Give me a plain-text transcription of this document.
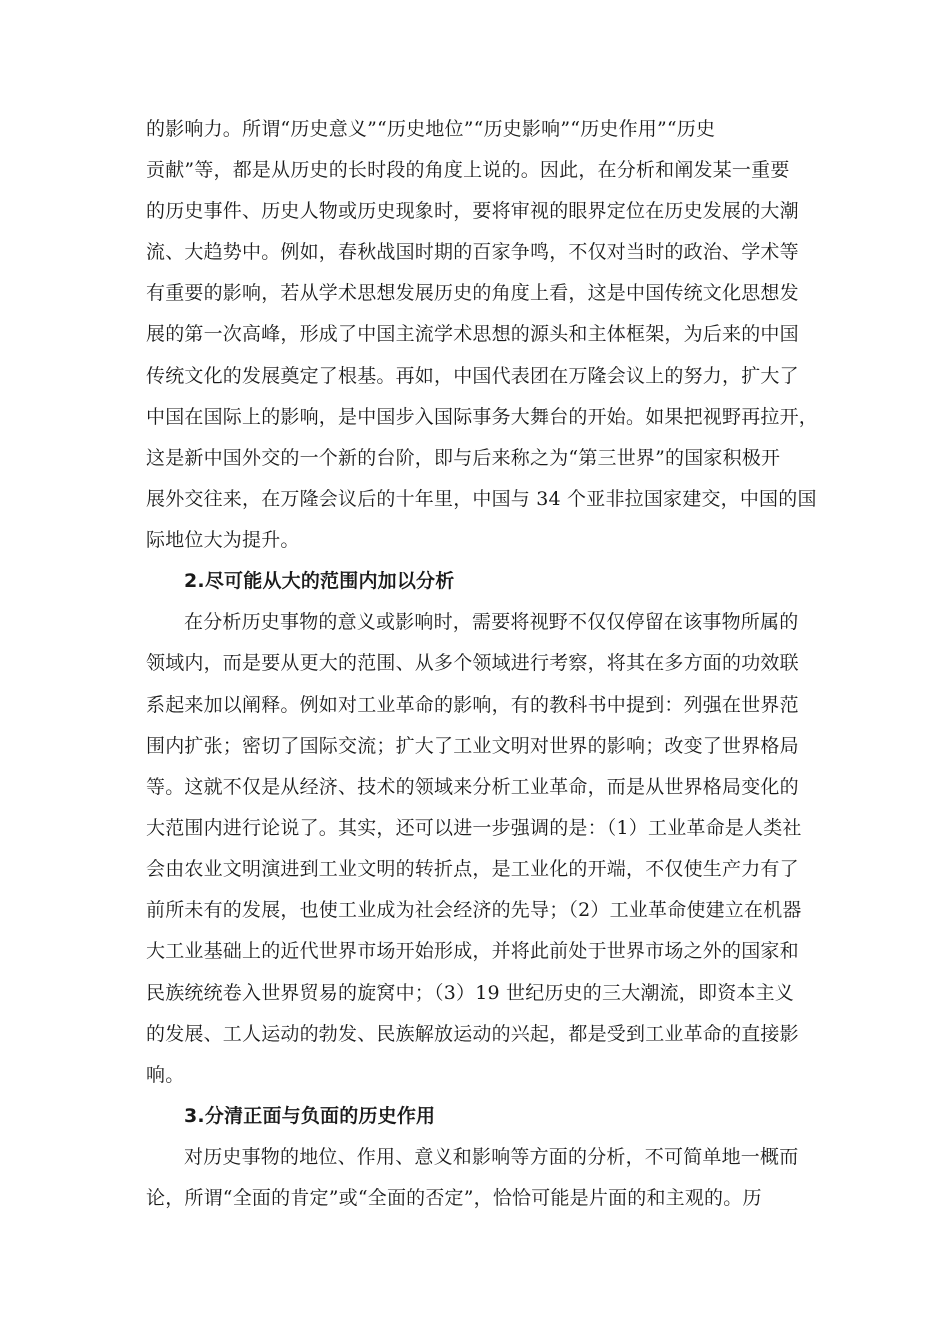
的影响力。所谓“历史意义”“历史地位”“历史影响”“历史作用”“历史
贡献”等，都是从历史的长时段的角度上说的。因此，在分析和阐发某一重要
的历史事件、历史人物或历史现象时，要将审视的眼界定位在历史发展的大潮
流、大趋势中。例如，春秋战国时期的百家争鸣，不仅对当时的政治、学术等
有重要的影响，若从学术思想发展历史的角度上看，这是中国传统文化思想发
展的第一次高峰，形成了中国主流学术思想的源头和主体框架，为后来的中国
传统文化的发展奠定了根基。再如，中国代表团在万隆会议上的努力，扩大了
中国在国际上的影响，是中国步入国际事务大舞台的开始。如果把视野再拉开，
这是新中国外交的一个新的台阶，即与后来称之为“第三世界”的国家积极开
展外交往来，在万隆会议后的十年里，中国与 34 个亚非拉国家建交，中国的国
际地位大为提升。
2.尽可能从大的范围内加以分析
在分析历史事物的意义或影响时，需要将视野不仅仅停留在该事物所属的
领域内，而是要从更大的范围、从多个领域进行考察，将其在多方面的功效联
系起来加以阐释。例如对工业革命的影响，有的教科书中提到：列强在世界范
围内扩张；密切了国际交流；扩大了工业文明对世界的影响；改变了世界格局
等。这就不仅是从经济、技术的领域来分析工业革命，而是从世界格局变化的
大范围内进行论说了。其实，还可以进一步强调的是：（1）工业革命是人类社
会由农业文明演进到工业文明的转折点，是工业化的开端，不仅使生产力有了
前所未有的发展，也使工业成为社会经济的先导；（2）工业革命使建立在机器
大工业基础上的近代世界市场开始形成，并将此前处于世界市场之外的国家和
民族统统卷入世界贸易的旋窝中；（3）19 世纪历史的三大潮流，即资本主义
的发展、工人运动的勃发、民族解放运动的兴起，都是受到工业革命的直接影
响。
3.分清正面与负面的历史作用
对历史事物的地位、作用、意义和影响等方面的分析，不可简单地一概而
论，所谓“全面的肯定”或“全面的否定”，恰恰可能是片面的和主观的。历
